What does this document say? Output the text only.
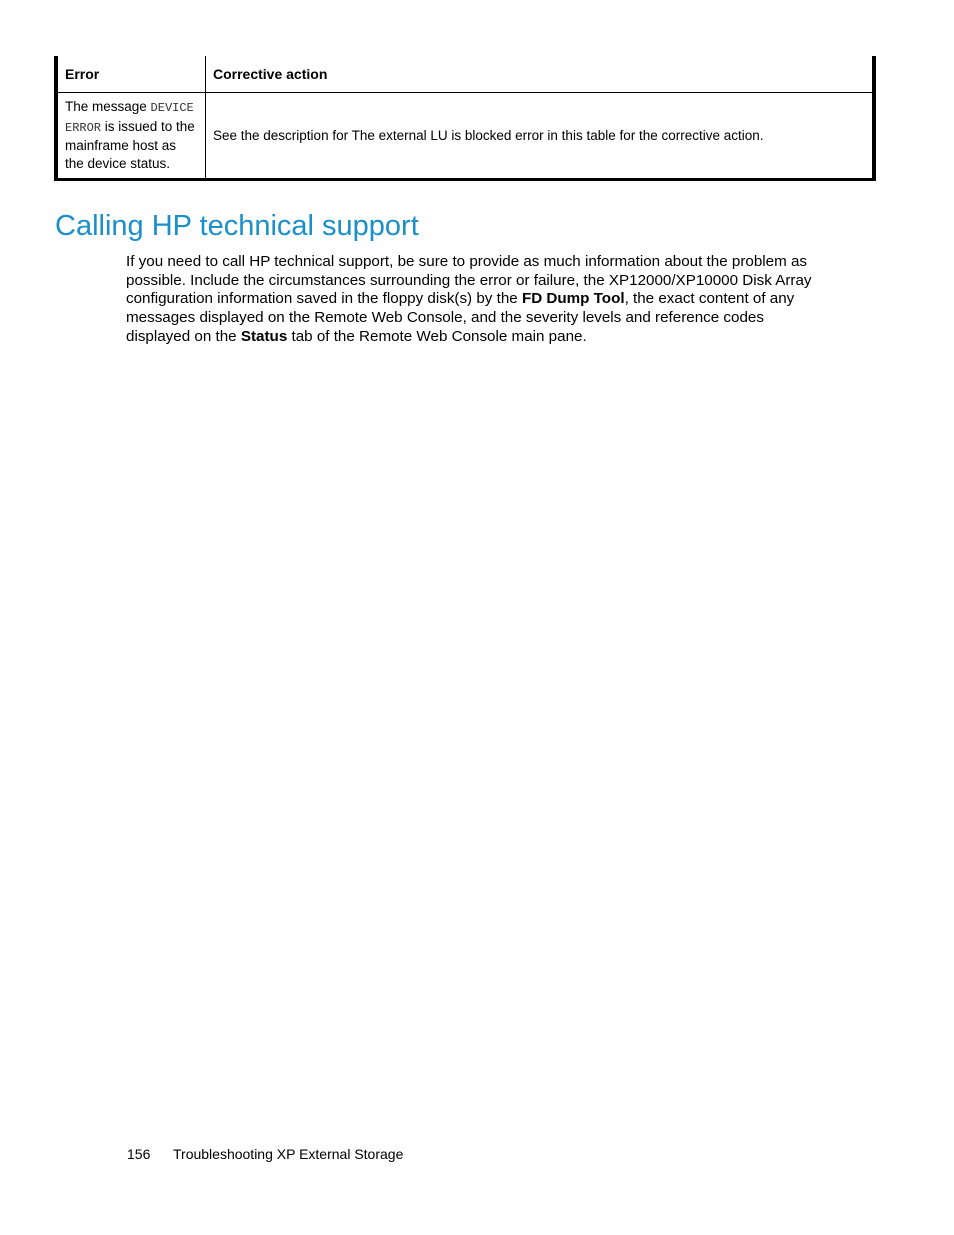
Error	Corrective action
The message DEVICE
ERROR is issued to the mainframe host as the device status.	See the description for The external LU is blocked error in this table for the corrective action.
Calling HP technical support

If you need to call HP technical support, be sure to provide as much information about the problem as possible. Include the circumstances surrounding the error or failure, the XP12000/XP10000 Disk Array configuration information saved in the floppy disk(s) by the FD Dump Tool, the exact content of any messages displayed on the Remote Web Console, and the severity levels and reference codes displayed on the Status tab of the Remote Web Console main pane.

156 Troubleshooting XP External Storage
